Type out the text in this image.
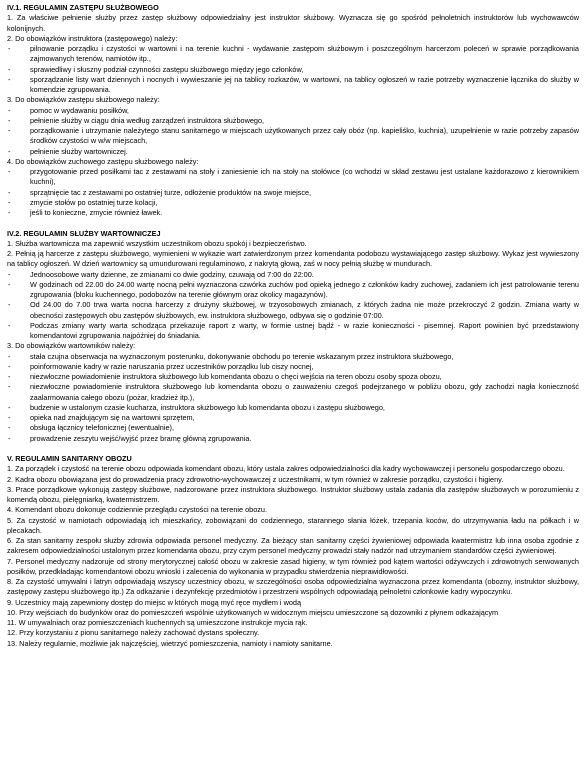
IV.1. REGULAMIN ZASTĘPU SŁUŻBOWEGO

1. Za właściwe pełnienie służby przez zastęp służbowy odpowiedzialny jest instruktor służbowy. Wyznacza się go spośród pełnoletnich instruktorów lub wychowawców kolonijnych.

2. Do obowiązków instruktora (zastępowego) należy:

- pilnowanie porządku i czystości w wartowni i na terenie kuchni - wydawanie zastępom służbowym i poszczególnym harcerzom poleceń w sprawie porządkowania zajmowanych terenów, namiotów itp.,
- sprawiedliwy i słuszny podział czynności zastępu służbowego między jego członków,
- sporządzanie listy wart dziennych i nocnych i wywieszanie jej na tablicy rozkazów, w wartowni, na tablicy ogłoszeń w razie potrzeby wyznaczenie łącznika do służby w komendzie zgrupowania.

3. Do obowiązków zastępu służbowego należy:

- pomoc w wydawaniu posiłków,
- pełnienie służby w ciągu dnia według zarządzeń instruktora służbowego,
- porządkowanie i utrzymanie należytego stanu sanitarnego w miejscach użytkowanych przez cały obóz (np. kapieliśko, kuchnia), uzupełnienie w razie potrzeby zapasów środków czystości w w/w miejscach,
- pełnienie służby wartowniczej.

4. Do obowiązków zuchowego zastępu służbowego należy:

- przygotowanie przed posiłkami tac z zestawami na stoły i zaniesienie ich na stoły na stołówce (co wchodzi w skład zestawu jest ustalane każdorazowo z kierownikiem kuchni),
- sprzątnięcie tac z zestawami po ostatniej turze, odłożenie produktów na swoje miejsce,
- zmycie stołów po ostatniej turze kolacji,
- jeśli to konieczne, zmycie również ławek.
IV.2. REGULAMIN SŁUŻBY WARTOWNICZEJ

1. Służba wartownicza ma zapewnić wszystkim uczestnikom obozu spokój i bezpieczeństwo.

2. Pełnią ją harcerze z zastępu służbowego, wymienieni w wykazie wart zatwierdzonym przez komendanta podobozu wystawiającego zastęp służbowy. Wykaz jest wywieszony na tablicy ogłoszeń. W dzień wartownicy są umundurowani regulaminowo, z nakrytą głową, zaś w nocy pełnią służbę w mundurach.

- Jednoosobowe warty dzienne, ze zmianami co dwie godziny, czuwają od 7:00 do 22:00.
- W godzinach od 22.00 do 24.00 wartę nocną pełni wyznaczona czwórka zuchów pod opieką jednego z członków kadry zuchowej, zadaniem ich jest patrolowanie terenu zgrupowania (bloku kuchennego, podobozów na terenie głównym oraz okolicy magazynów).
- Od 24.00 do 7.00 trwa warta nocna harcerzy z drużyny służbowej, w trzyosobowych zmianach, z których żadna nie może przekroczyć 2 godzin. Zmiana warty w obecności zastępowych obu zastępów służbowych, ew. instruktora służbowego, odbywa się o godzinie 07:00.
- Podczas zmiany warty warta schodząca przekazuje raport z warty, w formie ustnej bądź - w razie konieczności - pisemnej. Raport powinien być przedstawiony komendantowi zgrupowania najpóźniej do śniadania.

3. Do obowiązków wartowników należy:

- stała czujna obserwacja na wyznaczonym posterunku, dokonywanie obchodu po terenie wskazanym przez instruktora służbowego,
- poinformowanie kadry w razie naruszania przez uczestników porządku lub ciszy nocnej,
- niezwłoczne powiadomienie instruktora służbowego lub komendanta obozu o chęci wejścia na teren obozu osoby spoza obozu,
- niezwłoczne powiadomienie instruktora służbowego lub komendanta obozu o zauważeniu czegoś podejrzanego w pobliżu obozu, gdy zachodzi nagła konieczność zaalarmowania całego obozu (pożar, kradzież itp.),
- budzenie w ustalonym czasie kucharza, instruktora służbowego lub komendanta obozu i zastępu służbowego,
- opieka nad znajdującym się na wartowni sprzętem,
- obsługa łącznicy telefonicznej (ewentualnie),
- prowadzenie zeszytu wejść/wyjść przez bramę główną zgrupowania.
V. REGULAMIN SANITARNY OBOZU

1. Za porządek i czystość na terenie obozu odpowiada komendant obozu, który ustala zakres odpowiedzialności dla kadry wychowawczej i personelu gospodarczego obozu.

2. Kadra obozu obowiązana jest do prowadzenia pracy zdrowotno-wychowawczej z uczestnikami, w tym również w zakresie porządku, czystości i higieny.

3. Prace porządkowe wykonują zastępy służbowe, nadzorowane przez instruktora służbowego. Instruktor służbowy ustala zadania dla zastępów służbowych w porozumieniu z komendą obozu, pielęgniarką, kwatermistrzem.

4. Komendant obozu dokonuje codziennie przeglądu czystości na terenie obozu.

5. Za czystość w namiotach odpowiadają ich mieszkańcy, zobowiązani do codziennego, starannego słania łóżek, trzepania koców, do utrzymywania ładu na półkach i w plecakach.

6. Za stan sanitarny zespołu służby zdrowia odpowiada personel medyczny. Za bieżący stan sanitarny części żywieniowej odpowiada kwatermistrz lub inna osoba zgodnie z zakresem odpowiedzialności ustalonym przez komendanta obozu, przy czym personel medyczny prowadzi stały nadzór nad utrzymaniem standardów części żywieniowej.

7. Personel medyczny nadzoruje od strony merytorycznej całość obozu w zakresie zasad higieny, w tym również pod kątem wartości odżywczych i zdrowotnych serwowanych posiłków, przedkładając komendantowi obozu wnioski i zalecenia do wykonania w przypadku stwierdzenia nieprawidłowości.

8. Za czystość umywalni i latryn odpowiadają wszyscy uczestnicy obozu, w szczególności osoba odpowiedzialna wyznaczona przez komendanta (obozny, instruktor służbowy, zastępowy zastępu służbowego itp.) Za odkażanie i dezynfekcję przedmiotów i przestrzeni wspólnych odpowiadają pełnoletni członkowie kadry wypoczynku.

9. Uczestnicy mają zapewniony dostęp do miejsc w których mogą myć ręce mydłem i wodą

10. Przy wejściach do budynków oraz do pomieszczeń wspólnie użytkowanych w widocznym miejscu umieszczone są dozowniki z płynem odkażającym

11. W umywalniach oraz pomieszczeniach kuchennych są umieszczone instrukcje mycia rąk.

12. Przy korzystaniu z pionu sanitarnego należy zachować dystans społeczny.

13. Należy regularnie, możliwie jak najczęściej, wietrzyć pomieszczenia, namioty i namioty sanitarne.
